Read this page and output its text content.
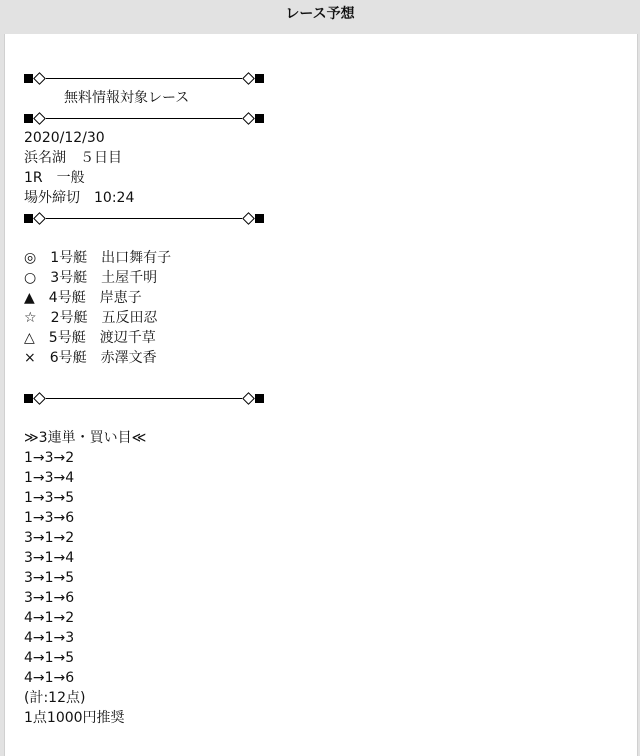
レース予想
無料情報対象レース
2020/12/30
浜名湖　５日目
1R　一般
場外締切　10:24
◎　 1号艇　出口舞有子
○　 3号艇　土屋千明
▲　 4号艇　岸恵子
☆　 2号艇　五反田忍
△　 5号艇　渡辺千草
×　 6号艇　赤澤文香
≫3連単・買い目≪
1→3→2
1→3→4
1→3→5
1→3→6
3→1→2
3→1→4
3→1→5
3→1→6
4→1→2
4→1→3
4→1→5
4→1→6
(計:12点)
1点1000円推奨
